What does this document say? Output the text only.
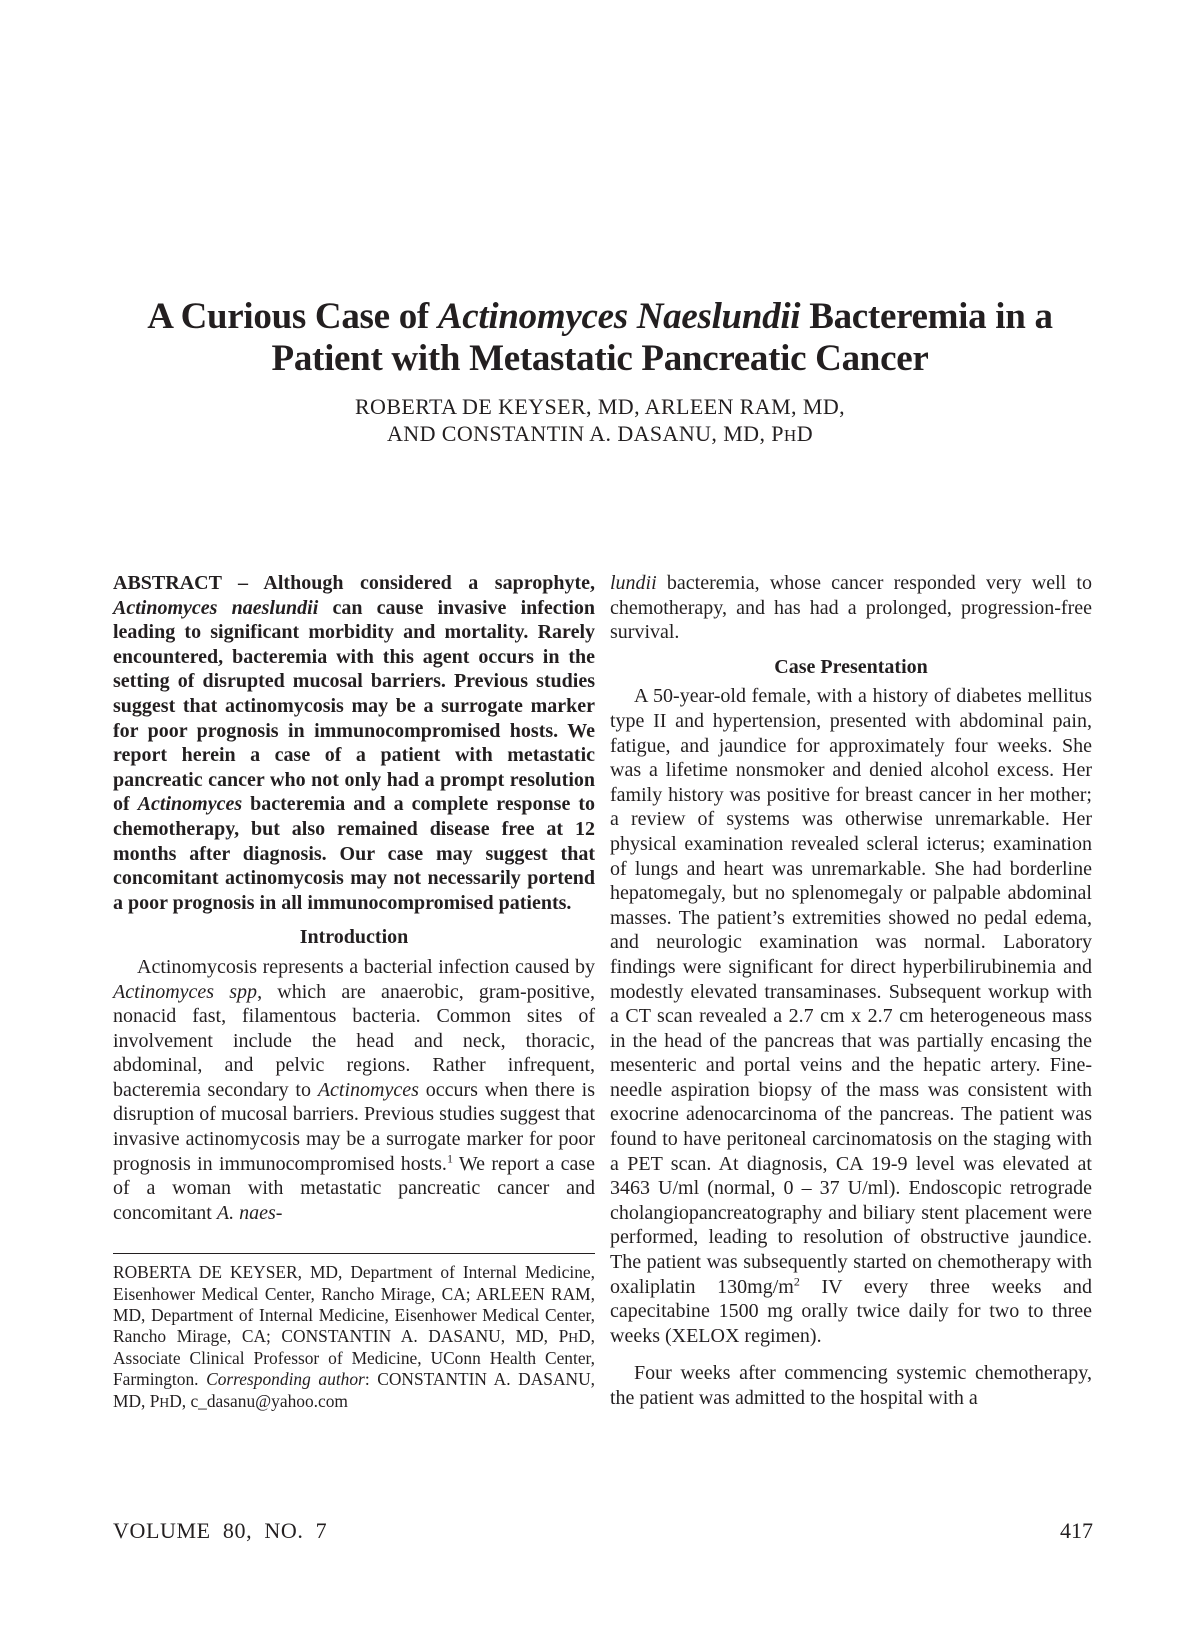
A Curious Case of Actinomyces Naeslundii Bacteremia in a
Patient with Metastatic Pancreatic Cancer
ROBERTA DE KEYSER, MD, ARLEEN RAM, MD,
AND CONSTANTIN A. DASANU, MD, PHD

ABSTRACT – Although considered a saprophyte, Actinomyces naeslundii can cause invasive infection leading to significant morbidity and mortality. Rarely encountered, bacteremia with this agent occurs in the setting of disrupted mucosal barriers. Previous studies suggest that actinomycosis may be a surrogate marker for poor prognosis in immunocompromised hosts. We report herein a case of a patient with metastatic pancreatic cancer who not only had a prompt resolution of Actinomyces bacteremia and a complete response to chemotherapy, but also remained disease free at 12 months after diagnosis. Our case may suggest that concomitant actinomycosis may not necessarily portend a poor prognosis in all immunocompromised patients.

Introduction

Actinomycosis represents a bacterial infection caused by Actinomyces spp, which are anaerobic, gram-positive, nonacid fast, filamentous bacteria. Common sites of involvement include the head and neck, thoracic, abdominal, and pelvic regions. Rather infrequent, bacteremia secondary to Actinomyces occurs when there is disruption of mucosal barriers. Previous studies suggest that invasive actinomycosis may be a surrogate marker for poor prognosis in immunocompromised hosts.$^1$ We report a case of a woman with metastatic pancreatic cancer and concomitant A. naes-

ROBERTA DE KEYSER, MD, Department of Internal Medicine, Eisenhower Medical Center, Rancho Mirage, CA; ARLEEN RAM, MD, Department of Internal Medicine, Eisenhower Medical Center, Rancho Mirage, CA; CONSTANTIN A. DASANU, MD, PHD, Associate Clinical Professor of Medicine, UConn Health Center, Farmington. Corresponding author: CONSTANTIN A. DASANU, MD, PHD, c_dasanu@yahoo.com

lundii bacteremia, whose cancer responded very well to chemotherapy, and has had a prolonged, progression-free survival.

Case Presentation

A 50-year-old female, with a history of diabetes mellitus type II and hypertension, presented with abdominal pain, fatigue, and jaundice for approximately four weeks. She was a lifetime nonsmoker and denied alcohol excess. Her family history was positive for breast cancer in her mother; a review of systems was otherwise unremarkable. Her physical examination revealed scleral icterus; examination of lungs and heart was unremarkable. She had borderline hepatomegaly, but no splenomegaly or palpable abdominal masses. The patient’s extremities showed no pedal edema, and neurologic examination was normal. Laboratory findings were significant for direct hyperbilirubinemia and modestly elevated transaminases. Subsequent workup with a CT scan revealed a 2.7 cm x 2.7 cm heterogeneous mass in the head of the pancreas that was partially encasing the mesenteric and portal veins and the hepatic artery. Fine-needle aspiration biopsy of the mass was consistent with exocrine adenocarcinoma of the pancreas. The patient was found to have peritoneal carcinomatosis on the staging with a PET scan. At diagnosis, CA 19-9 level was elevated at 3463 U/ml (normal, 0 – 37 U/ml). Endoscopic retrograde cholangiopancreatography and biliary stent placement were performed, leading to resolution of obstructive jaundice. The patient was subsequently started on chemotherapy with oxaliplatin $130mg/m^2$ IV every three weeks and capecitabine 1500 mg orally twice daily for two to three weeks (XELOX regimen).

Four weeks after commencing systemic chemotherapy, the patient was admitted to the hospital with a

VOLUME  80,  NO.  7	417
